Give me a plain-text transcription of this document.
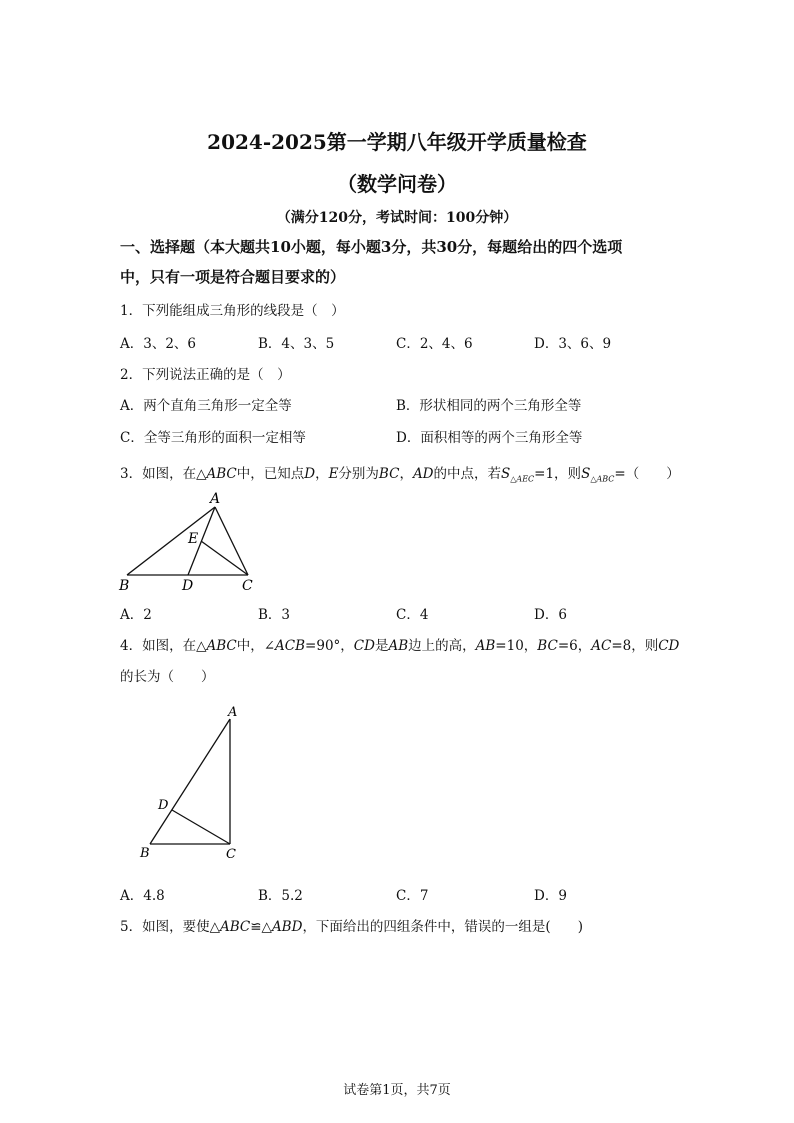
2024-2025第一学期八年级开学质量检查
（数学问卷）
（满分120分，考试时间：100分钟）
一、选择题（本大题共10小题，每小题3分，共30分，每题给出的四个选项
中，只有一项是符合题目要求的）
1．下列能组成三角形的线段是（　）
A．3、2、6	B．4、3、5	C．2、4、6	D．3、6、9
2．下列说法正确的是（　）
A．两个直角三角形一定全等	B．形状相同的两个三角形全等
C．全等三角形的面积一定相等	D．面积相等的两个三角形全等
3．如图，在△ABC中，已知点D，E分别为BC，AD的中点，若$S_{\triangle AEC}=1$，则$S_{\triangle ABC}=$（　　）
A
E
B	D	C
A．2	B．3	C．4	D．6
4．如图，在△ABC中，∠ACB=90°，CD是AB边上的高，AB=10，BC=6，AC=8，则CD
的长为（　　）
A
D
B	C
A．4.8	B．5.2	C．7	D．9
5．如图，要使△ABC≌△ABD，下面给出的四组条件中，错误的一组是(　　)
试卷第1页，共7页
